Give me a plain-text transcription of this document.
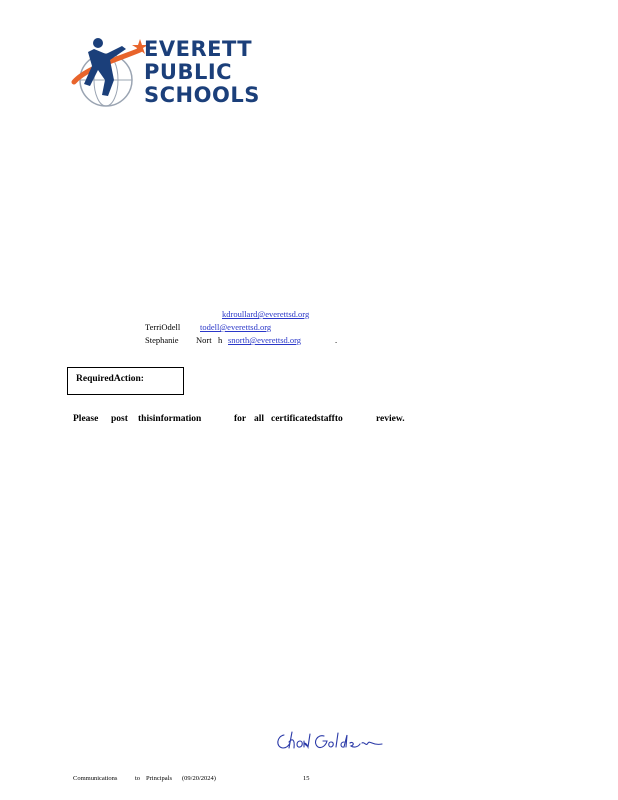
EVERETT
PUBLIC
SCHOOLS
kdroullard@everettsd.org
TerriOdell todell@everettsd.org
Stephanie Nort h snorth@everettsd.org	.
RequiredAction:
Please post thisinformation	for all certificatedstaffto	review.
Communications	to Principals (09/20/2024)	15
